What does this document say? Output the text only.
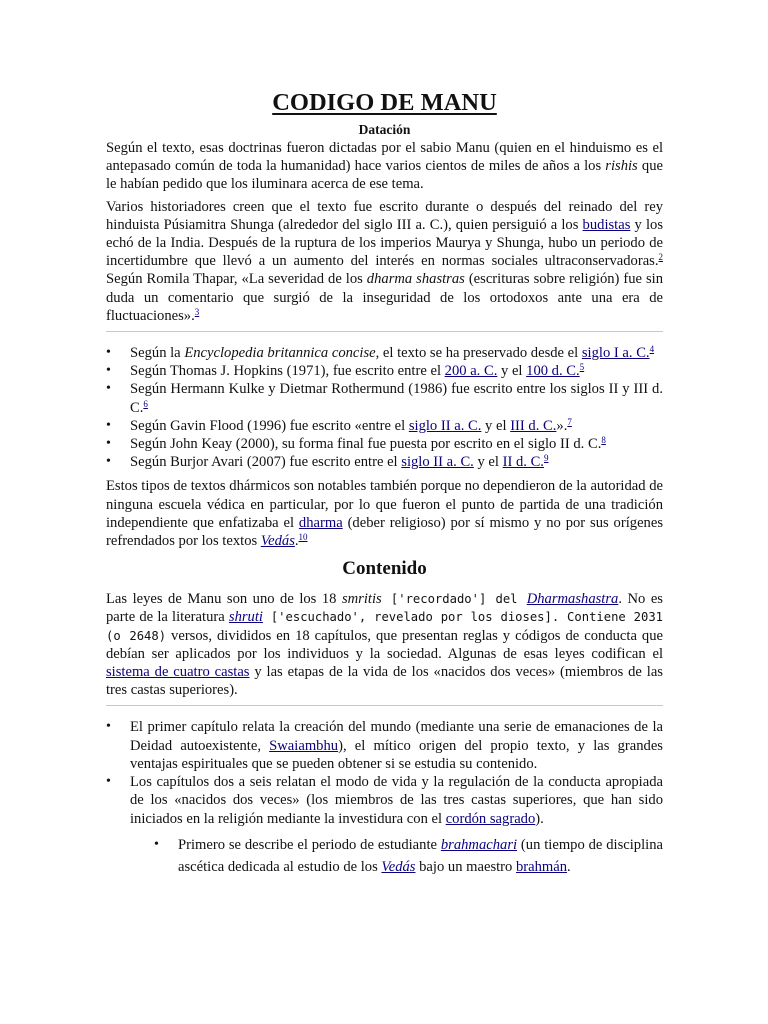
CODIGO DE MANU
Datación

Según el texto, esas doctrinas fueron dictadas por el sabio Manu (quien en el hinduismo es el antepasado común de toda la humanidad) hace varios cientos de miles de años a los rishis que le habían pedido que los iluminara acerca de ese tema.

Varios historiadores creen que el texto fue escrito durante o después del reinado del rey hinduista Púsiamitra Shunga (alrededor del siglo III a. C.), quien persiguió a los budistas y los echó de la India. Después de la ruptura de los imperios Maurya y Shunga, hubo un periodo de incertidumbre que llevó a un aumento del interés en normas sociales ultraconservadoras.$^2$ Según Romila Thapar, «La severidad de los dharma shastras (escrituras sobre religión) fue sin duda un comentario que surgió de la inseguridad de los ortodoxos ante una era de fluctuaciones».$^3$

• Según la Encyclopedia britannica concise, el texto se ha preservado desde el siglo I a. C.$^4$
• Según Thomas J. Hopkins (1971), fue escrito entre el 200 a. C. y el 100 d. C.$^5$
• Según Hermann Kulke y Dietmar Rothermund (1986) fue escrito entre los siglos II y III d. C.$^6$
• Según Gavin Flood (1996) fue escrito «entre el siglo II a. C. y el III d. C.».$^7$
• Según John Keay (2000), su forma final fue puesta por escrito en el siglo II d. C.$^8$
• Según Burjor Avari (2007) fue escrito entre el siglo II a. C. y el II d. C.$^9$

Estos tipos de textos dhármicos son notables también porque no dependieron de la autoridad de ninguna escuela védica en particular, por lo que fueron el punto de partida de una tradición independiente que enfatizaba el dharma (deber religioso) por sí mismo y no por sus orígenes refrendados por los textos Vedás.$^{10}$

Contenido

Las leyes de Manu son uno de los 18 smritis ['recordado'] del Dharmashastra. No es parte de la literatura shruti ['escuchado', revelado por los dioses]. Contiene 2031 (o 2648) versos, divididos en 18 capítulos, que presentan reglas y códigos de conducta que debían ser aplicados por los individuos y la sociedad. Algunas de esas leyes codifican el sistema de cuatro castas y las etapas de la vida de los «nacidos dos veces» (miembros de las tres castas superiores).

• El primer capítulo relata la creación del mundo (mediante una serie de emanaciones de la Deidad autoexistente, Swaiambhu), el mítico origen del propio texto, y las grandes ventajas espirituales que se pueden obtener si se estudia su contenido.
• Los capítulos dos a seis relatan el modo de vida y la regulación de la conducta apropiada de los «nacidos dos veces» (los miembros de las tres castas superiores, que han sido iniciados en la religión mediante la investidura con el cordón sagrado).
• Primero se describe el periodo de estudiante brahmachari (un tiempo de disciplina ascética dedicada al estudio de los Vedás bajo un maestro brahmán.
